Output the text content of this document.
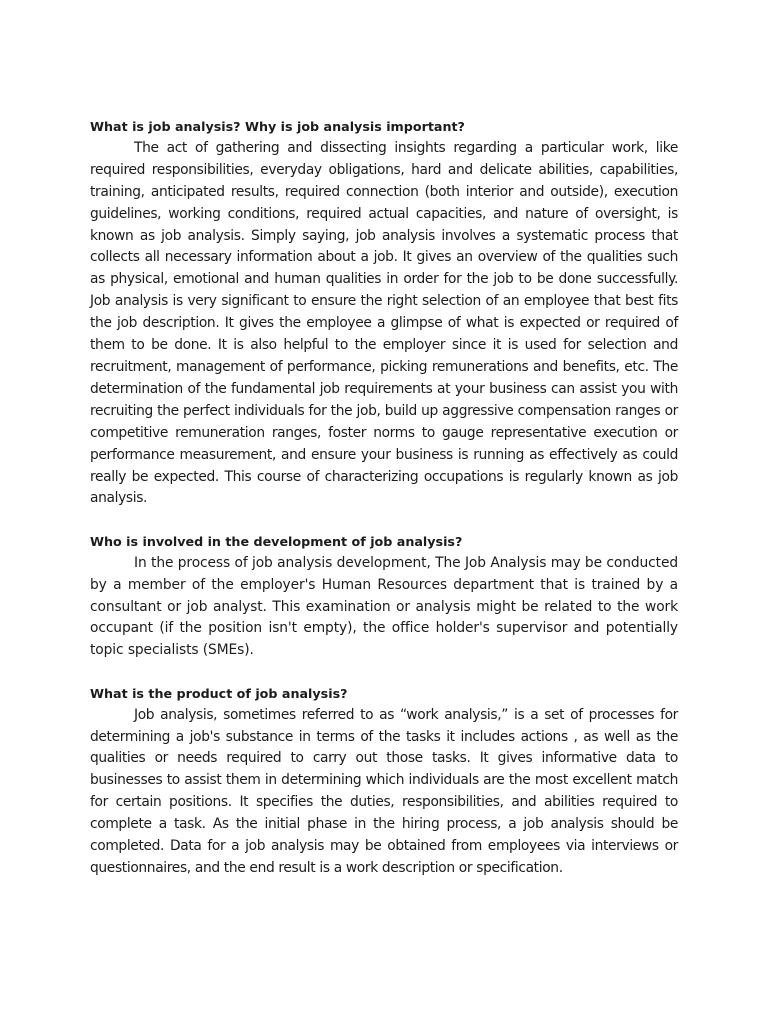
What is job analysis? Why is job analysis important?

The act of gathering and dissecting insights regarding a particular work, like required responsibilities, everyday obligations, hard and delicate abilities, capabilities, training, anticipated results, required connection (both interior and outside), execution guidelines, working conditions, required actual capacities, and nature of oversight, is known as job analysis. Simply saying, job analysis involves a systematic process that collects all necessary information about a job. It gives an overview of the qualities such as physical, emotional and human qualities in order for the job to be done successfully. Job analysis is very significant to ensure the right selection of an employee that best fits the job description. It gives the employee a glimpse of what is expected or required of them to be done. It is also helpful to the employer since it is used for selection and recruitment, management of performance, picking remunerations and benefits, etc. The determination of the fundamental job requirements at your business can assist you with recruiting the perfect individuals for the job, build up aggressive compensation ranges or competitive remuneration ranges, foster norms to gauge representative execution or performance measurement, and ensure your business is running as effectively as could really be expected. This course of characterizing occupations is regularly known as job analysis.

Who is involved in the development of job analysis?

In the process of job analysis development, The Job Analysis may be conducted by a member of the employer's Human Resources department that is trained by a consultant or job analyst. This examination or analysis might be related to the work occupant (if the position isn't empty), the office holder's supervisor and potentially topic specialists (SMEs).

What is the product of job analysis?

Job analysis, sometimes referred to as “work analysis,” is a set of processes for determining a job's substance in terms of the tasks it includes actions , as well as the qualities or needs required to carry out those tasks. It gives informative data to businesses to assist them in determining which individuals are the most excellent match for certain positions. It specifies the duties, responsibilities, and abilities required to complete a task. As the initial phase in the hiring process, a job analysis should be completed. Data for a job analysis may be obtained from employees via interviews or questionnaires, and the end result is a work description or specification.
